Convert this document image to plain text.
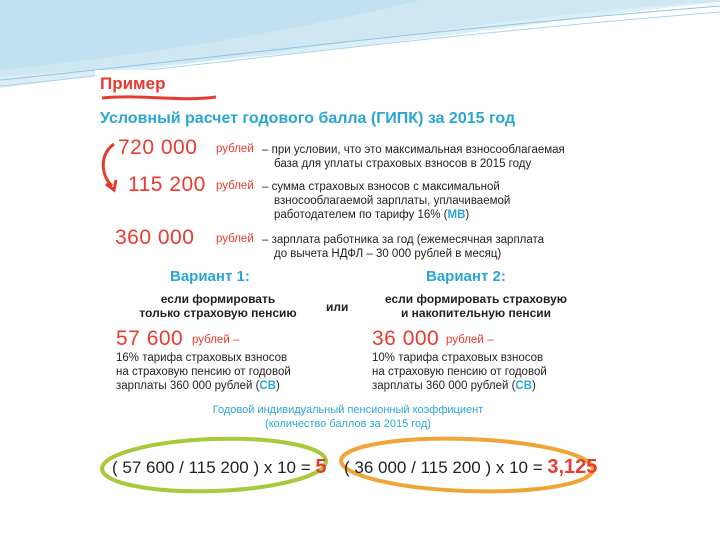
Пример
Условный расчет годового балла (ГИПК) за 2015 год
720 000 рублей – при условии, что это максимальная взносооблагаемая
база для уплаты страховых взносов в 2015 году
115 200 рублей – сумма страховых взносов с максимальной
взносооблагаемой зарплаты, уплачиваемой
работодателем по тарифу 16% (МВ)
360 000 рублей – зарплата работника за год (ежемесячная зарплата
до вычета НДФЛ – 30 000 рублей в месяц)
Вариант 1:	Вариант 2:
если формировать
только страховую пенсию	или
если формировать страховую
и накопительную пенсии
57 600 рублей –
16% тарифа страховых взносов
на страховую пенсию от годовой
зарплаты 360 000 рублей (СВ)
36 000 рублей –
10% тарифа страховых взносов
на страховую пенсию от годовой
зарплаты 360 000 рублей (СВ)
Годовой индивидуальный пенсионный коэффициент
(количество баллов за 2015 год)
( 57 600 / 115 200 ) х 10 = 5 ( 36 000 / 115 200 ) х 10 = 3,125
